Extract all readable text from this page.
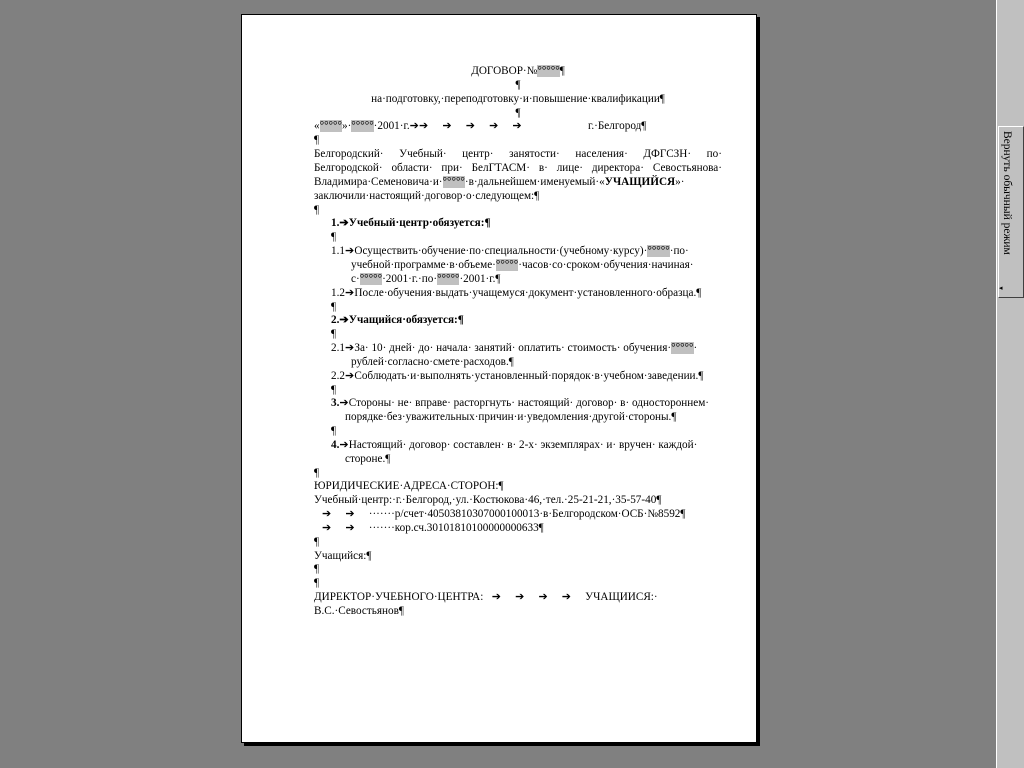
ДОГОВОР·№°°°°°¶
¶
на·подготовку,·переподготовку·и·повышение·квалификации¶
¶
«°°°°°»·°°°°°·2001·г.➔➔     ➔     ➔     ➔     ➔	г.·Белгород¶
¶
Белгородский· Учебный· центр· занятости· населения· ДФГСЗН· по·
Белгородской· области· при· БелГТАСМ· в· лице· директора· Севостьянова·
Владимира·Семеновича·и·°°°°°·в·дальнейшем·именуемый·«УЧАЩИЙСЯ»·
заключили·настоящий·договор·о·следующем:¶
¶
1.➔Учебный·центр·обязуется:¶
¶
1.1➔Осуществить·обучение·по·специальности·(учебному·курсу)·°°°°°·по·
учебной·программе·в·объеме·°°°°°·часов·со·сроком·обучения·начиная·
с·°°°°°·2001·г.·по·°°°°°·2001·г.¶
1.2➔После·обучения·выдать·учащемуся·документ·установленного·образца.¶
¶
2.➔Учащийся·обязуется:¶
¶
2.1➔За· 10· дней· до· начала· занятий· оплатить· стоимость· обучения·°°°°°·
рублей·согласно·смете·расходов.¶
2.2➔Соблюдать·и·выполнять·установленный·порядок·в·учебном·заведении.¶
¶
3.➔Стороны· не· вправе· расторгнуть· настоящий· договор· в· одностороннем·
порядке·без·уважительных·причин·и·уведомления·другой·стороны.¶
¶
4.➔Настоящий· договор· составлен· в· 2-х· экземплярах· и· вручен· каждой·
стороне.¶
¶
ЮРИДИЧЕСКИЕ·АДРЕСА·СТОРОН:¶
Учебный·центр:·г.·Белгород,·ул.·Костюкова·46,·тел.·25-21-21,·35-57-40¶
➔     ➔     ·······р/счет·40503810307000100013·в·Белгородском·ОСБ·№8592¶
➔     ➔     ·······кор.сч.30101810100000000633¶
¶
Учащийся:¶
¶
¶
ДИРЕКТОР·УЧЕБНОГО·ЦЕНТРА:   ➔     ➔     ➔     ➔     УЧАЩИИСЯ:·
В.С.·Севостьянов¶
Вернуть обычный режим
◂
